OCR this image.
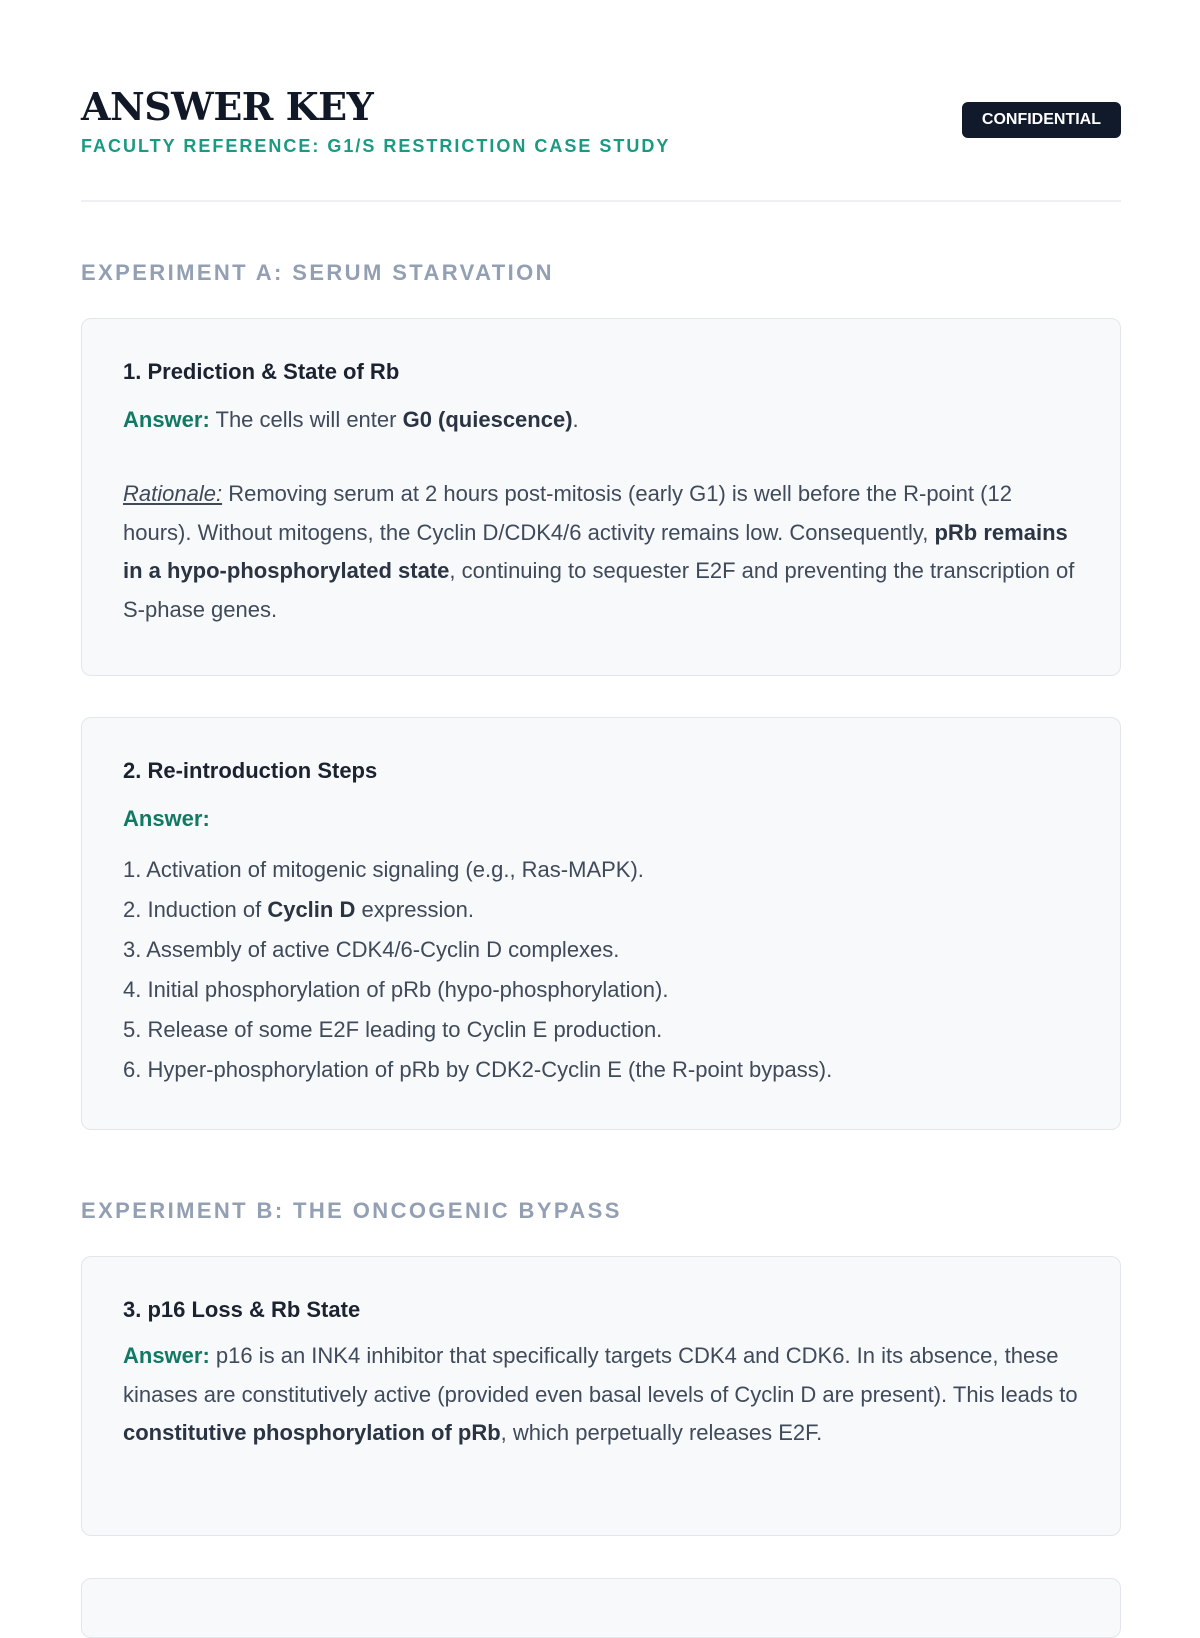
ANSWER KEY
FACULTY REFERENCE: G1/S RESTRICTION CASE STUDY
CONFIDENTIAL
EXPERIMENT A: SERUM STARVATION
1. Prediction & State of Rb

Answer: The cells will enter G0 (quiescence).

Rationale: Removing serum at 2 hours post-mitosis (early G1) is well before the R-point (12 hours). Without mitogens, the Cyclin D/CDK4/6 activity remains low. Consequently, pRb remains in a hypo-phosphorylated state, continuing to sequester E2F and preventing the transcription of S-phase genes.

2. Re-introduction Steps

Answer:

1. Activation of mitogenic signaling (e.g., Ras-MAPK).
2. Induction of Cyclin D expression.
3. Assembly of active CDK4/6-Cyclin D complexes.
4. Initial phosphorylation of pRb (hypo-phosphorylation).
5. Release of some E2F leading to Cyclin E production.
6. Hyper-phosphorylation of pRb by CDK2-Cyclin E (the R-point bypass).
EXPERIMENT B: THE ONCOGENIC BYPASS
3. p16 Loss & Rb State

Answer: p16 is an INK4 inhibitor that specifically targets CDK4 and CDK6. In its absence, these kinases are constitutively active (provided even basal levels of Cyclin D are present). This leads to constitutive phosphorylation of pRb, which perpetually releases E2F.
